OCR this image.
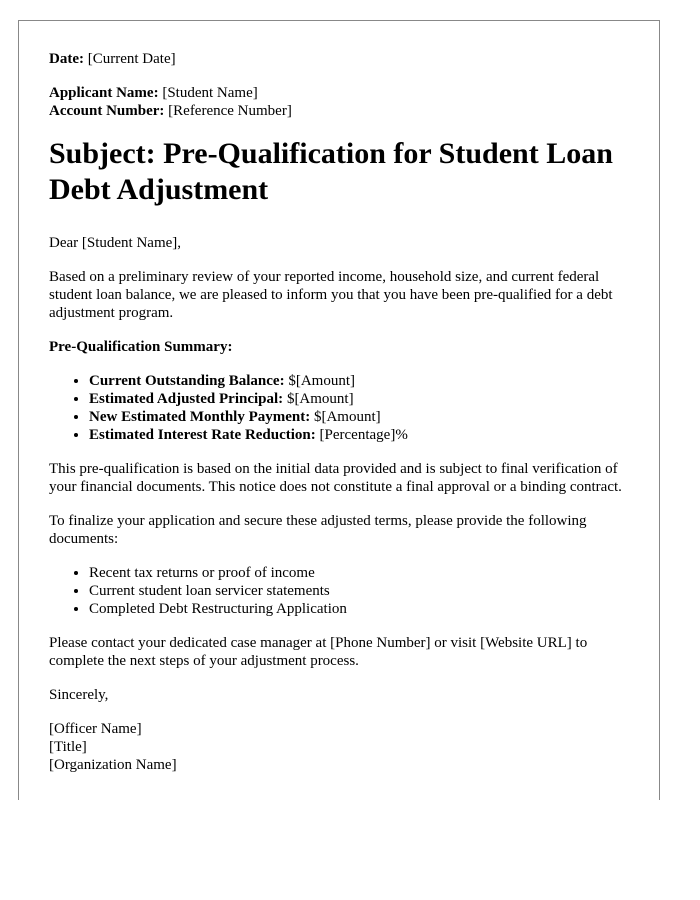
Date: [Current Date]

Applicant Name: [Student Name]

Account Number: [Reference Number]

Subject: Pre-Qualification for Student Loan Debt Adjustment

Dear [Student Name],

Based on a preliminary review of your reported income, household size, and current federal student loan balance, we are pleased to inform you that you have been pre-qualified for a debt adjustment program.

Pre-Qualification Summary:

• Current Outstanding Balance: $[Amount]
• Estimated Adjusted Principal: $[Amount]
• New Estimated Monthly Payment: $[Amount]
• Estimated Interest Rate Reduction: [Percentage]%

This pre-qualification is based on the initial data provided and is subject to final verification of your financial documents. This notice does not constitute a final approval or a binding contract.

To finalize your application and secure these adjusted terms, please provide the following documents:

• Recent tax returns or proof of income
• Current student loan servicer statements
• Completed Debt Restructuring Application

Please contact your dedicated case manager at [Phone Number] or visit [Website URL] to complete the next steps of your adjustment process.

Sincerely,

[Officer Name]

[Title]

[Organization Name]
